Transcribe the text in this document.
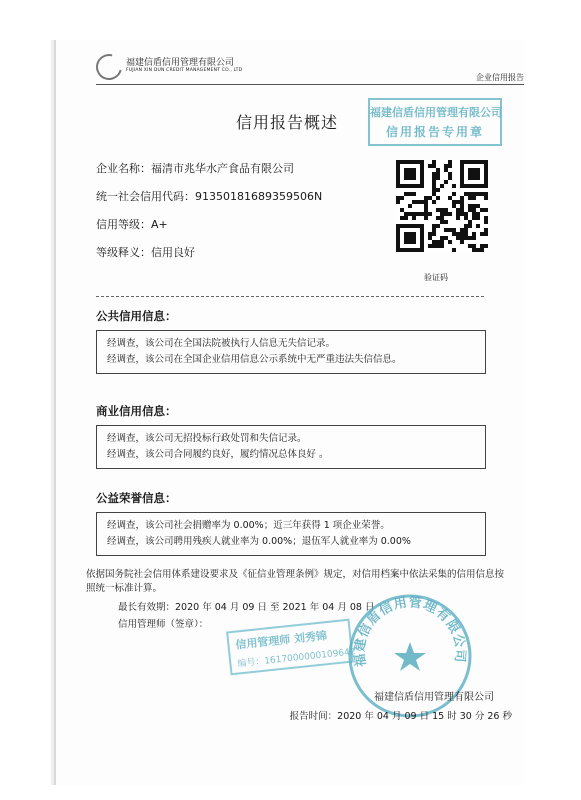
福建信盾信用管理有限公司
FUJIAN XIN DUN CREDIT MANAGEMENT CO., LTD
企业信用报告
信用报告概述
福建信盾信用管理有限公司
信用报告专用章
企业名称：福清市兆华水产食品有限公司
统一社会信用代码：91350181689359506N
信用等级：A+
等级释义：信用良好
验证码
公共信用信息：

经调查，该公司在全国法院被执行人信息无失信记录。

经调查，该公司在全国企业信用信息公示系统中无严重违法失信信息。

商业信用信息：

经调查，该公司无招投标行政处罚和失信记录。

经调查，该公司合同履约良好，履约情况总体良好 。

公益荣誉信息：

经调查，该公司社会捐赠率为 0.00%；近三年获得 1 项企业荣誉。

经调查，该公司聘用残疾人就业率为 0.00%；退伍军人就业率为 0.00%

依据国务院社会信用体系建设要求及《征信业管理条例》规定，对信用档案中依法采集的信用信息按照统一标准计算。
最长有效期：2020 年 04 月 09 日 至 2021 年 04 月 08 日
信用管理师（签章）：
信用管理师 刘秀锦
编号：1617000000109642
福建信盾信用管理有限公司
福建信盾信用管理有限公司
报告时间：2020 年 04 月 09 日 15 时 30 分 26 秒
